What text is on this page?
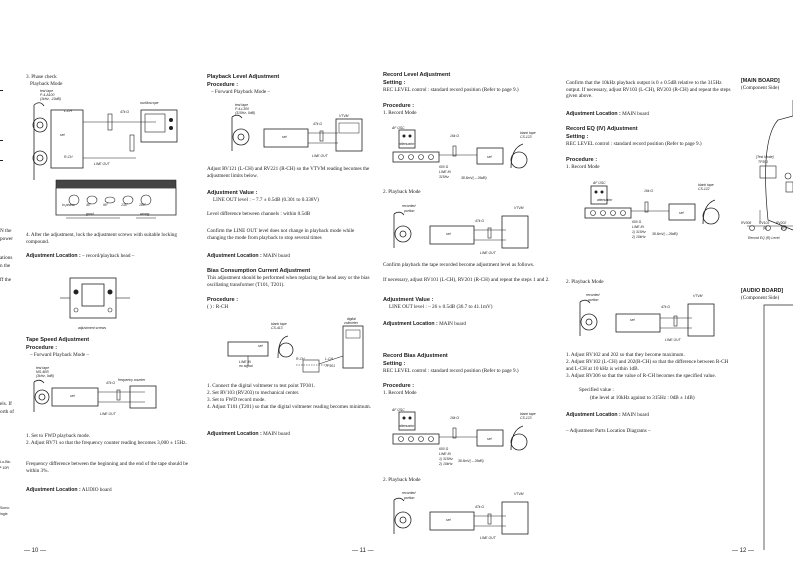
N the
power
ations
n the
ff the
els. If
orth of
Lo-Blu
ª 10R
Scrno
ingle
3. Phase check
Playback Mode
test tape
P-4-A100
(1kHz, -10dB)
L-CH
R-CH
set
47k Ω
oscilloscope
LINE OUT
Screen pattern
in phase	45°	90°	135°	180°
good	wrong
4. After the adjustment, lock the adjustment screws with suitable locking compound.
Adjustment Location : – record/playback head –
adjustment screws
Tape Speed Adjustment
Procedure :
– Forward Playback Mode –
test tape
MS-4EB
(3kHz, 0dB)
set
47k Ω
frequency counter
LINE OUT
1. Set to FWD playback mode.
2. Adjust RV71 so that the frequency counter reading becomes 3,000 ± 15Hz.
Frequency difference between the beginning and the end of the tape should be within 3%.
Adjustment Location : AUDIO board
— 10 —
Playback Level Adjustment
Procedure :
– Forward Playback Mode –
test tape
P-4-L300
(315Hz, 0dB)
set
47k Ω
VTVM
LINE OUT
Adjust RV121 (L-CH) and RV221 (R-CH) so the VTVM reading becomes the adjustment limits below.
Adjustment Value :
LINE OUT level : – 7.7 ± 0.5dB (0.301 to 0.338V)
Level difference between channels : within 0.5dB
Confirm the LINE OUT level does not change in playback mode while changing the mode from playback to stop several times
Adjustment Location : MAIN board
Bias Consumption Current Adjustment
This adjustment should be performed when replacing the head assy or the bias oscillating transformer (T101, T201).
Procedure :
( ) : R-CH
blank tape
CS-413
set
LINE IN
no signal
digital
voltmeter
R-CH	L-CH
TP301
1. Connect the digital voltmeter to test point TP301.
2. Set RV103 (RV203) to mechanical center.
3. Set to FWD record mode.
4. Adjust T101 (T201) so that the digital voltmeter reading becomes minimum.
Adjustment Location : MAIN board
Record Level Adjustment
Setting :
REC LEVEL control : standard record position (Refer to page 9.)
Procedure :
1. Record Mode
AF OSC
attenuator
16k Ω
600 Ω
LINE IN
315Hz
blank tape
CS-123
set
38.8mV( – 26dB)
2. Playback Mode
recorded
portion
set
47k Ω
VTVM
LINE OUT
Confirm playback the tape recorded become adjustment level as follows.
If necessary, adjust RV101 (L-CH), RV201 (R-CH) and repeat the steps 1 and 2.
Adjustment Value :
LINE OUT level : – 26 ± 0.5dB (36.7 to 41.1mV)
Adjustment Location : MAIN board
Record Bias Adjustment
Setting :
REC LEVEL control : standard record position (Refer to page 9.)
Procedure :
1. Record Mode
AF OSC
attenuator
16k Ω
600 Ω
LINE IN
1) 315Hz
2) 10kHz
blank tape
CS-123
set
38.8mV( – 26dB)
2. Playback Mode
recorded
portion
set
47k Ω
VTVM
LINE OUT
— 11 —
Confirm that the 10kHz playback output is 0 ± 0.5dB relative to the 315Hz output. If necessary, adjust RV103 (L-CH), RV203 (R-CH) and repeat the steps given above.
Adjustment Location : MAIN board
Record EQ (IV) Adjustment
Setting :
REC LEVEL control : standard record position (Refer to page 9.)
Procedure :
1. Record Mode
AF OSC
attenuator
16k Ω
600 Ω
LINE IN
1) 315Hz
2) 10kHz
blank tape
CS-122
set
38.8mV( – 26dB)
2. Playback Mode
recorded
portion
set
47k Ω
VTVM
LINE OUT
1. Adjust RV102 and 202 so that they become maximum.
2. Adjust RV102 (L-CH) and 202(R-CH) so that the difference between R-CH and L-CH at 10 kHz is within 1dB.
3. Adjust RV306 so that the value of R-CH becomes the specified value.
Specified value :
(the level at 10kHz against to 315Hz : 0dB ± 1dB)
Adjustment Location : MAIN board
– Adjustment Parts Location Diagrams –
— 12 —
[MAIN BOARD]
(Component Side)
[Test Mode]
TP301
RV306 RV103 RV202
(L)	(R)
Record EQ (R) Level
[AUDIO BOARD]
(Component Side)
